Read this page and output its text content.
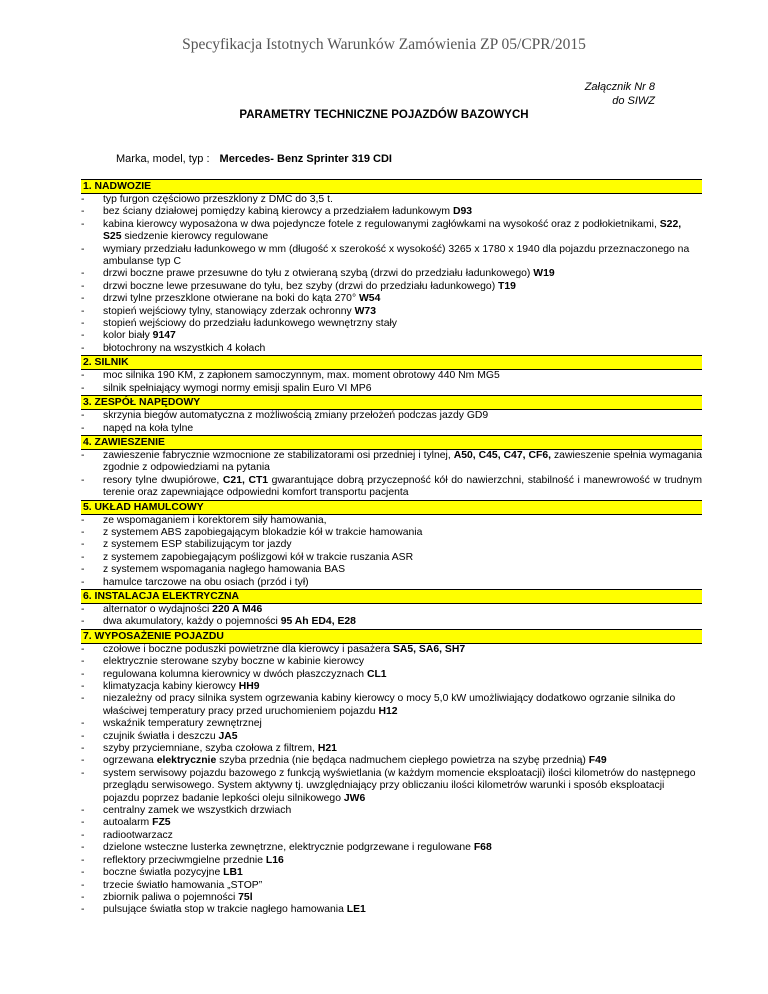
Specyfikacja Istotnych Warunków Zamówienia ZP 05/CPR/2015
Załącznik Nr 8
do SIWZ
PARAMETRY TECHNICZNE POJAZDÓW BAZOWYCH
Marka, model, typ : Mercedes- Benz Sprinter 319 CDI
1. NADWOZIE
-	typ furgon częściowo przeszklony z DMC do 3,5 t.
-	bez ściany działowej pomiędzy kabiną kierowcy a przedziałem ładunkowym D93
-	kabina kierowcy wyposażona w dwa pojedyncze fotele z regulowanymi zagłówkami na wysokość oraz z podłokietnikami, S22, S25 siedzenie kierowcy regulowane
-	wymiary przedziału ładunkowego w mm (długość x szerokość x wysokość) 3265 x 1780 x 1940 dla pojazdu przeznaczonego na ambulanse typ C
-	drzwi boczne prawe przesuwne do tyłu z otwieraną szybą (drzwi do przedziału ładunkowego) W19
-	drzwi boczne lewe przesuwane do tyłu, bez szyby (drzwi do przedziału ładunkowego) T19
-	drzwi tylne przeszklone otwierane na boki do kąta 270° W54
-	stopień wejściowy tylny, stanowiący zderzak ochronny W73
-	stopień wejściowy do przedziału ładunkowego wewnętrzny stały
-	kolor biały 9147
-	błotochrony na wszystkich 4 kołach
2. SILNIK
-	moc silnika 190 KM, z zapłonem samoczynnym, max. moment obrotowy 440 Nm MG5
-	silnik spełniający wymogi normy emisji spalin Euro VI MP6
3. ZESPÓŁ NAPĘDOWY
-	skrzynia biegów automatyczna z możliwością zmiany przełożeń podczas jazdy GD9
-	napęd na koła tylne
4. ZAWIESZENIE
-	zawieszenie fabrycznie wzmocnione ze stabilizatorami osi przedniej i tylnej, A50, C45, C47, CF6, zawieszenie spełnia wymagania zgodnie z odpowiedziami na pytania
-	resory tylne dwupiórowe, C21, CT1 gwarantujące dobrą przyczepność kół do nawierzchni, stabilność i manewrowość w trudnym terenie oraz zapewniające odpowiedni komfort transportu pacjenta
5. UKŁAD HAMULCOWY
-	ze wspomaganiem i korektorem siły hamowania,
-	z systemem ABS zapobiegającym blokadzie kół w trakcie hamowania
-	z systemem ESP stabilizującym tor jazdy
-	z systemem zapobiegającym poślizgowi kół w trakcie ruszania ASR
-	z systemem wspomagania nagłego hamowania BAS
-	hamulce tarczowe na obu osiach (przód i tył)
6. INSTALACJA ELEKTRYCZNA
-	alternator o wydajności 220 A M46
-	dwa akumulatory, każdy o pojemności 95 Ah ED4, E28
7. WYPOSAŻENIE POJAZDU
-	czołowe i boczne poduszki powietrzne dla kierowcy i pasażera SA5, SA6, SH7
-	elektrycznie sterowane szyby boczne w kabinie kierowcy
-	regulowana kolumna kierownicy w dwóch płaszczyznach CL1
-	klimatyzacja kabiny kierowcy HH9
-	niezależny od pracy silnika system ogrzewania kabiny kierowcy o mocy 5,0 kW umożliwiający dodatkowo ogrzanie silnika do właściwej temperatury pracy przed uruchomieniem pojazdu H12
-	wskaźnik temperatury zewnętrznej
-	czujnik światła i deszczu JA5
-	szyby przyciemniane, szyba czołowa z filtrem, H21
-	ogrzewana elektrycznie szyba przednia (nie będąca nadmuchem ciepłego powietrza na szybę przednią) F49
-	system serwisowy pojazdu bazowego z funkcją wyświetlania (w każdym momencie eksploatacji) ilości kilometrów do następnego przeglądu serwisowego. System aktywny tj. uwzględniający przy obliczaniu ilości kilometrów warunki i sposób eksploatacji pojazdu poprzez badanie lepkości oleju silnikowego JW6
-	centralny zamek we wszystkich drzwiach
-	autoalarm FZ5
-	radiootwarzacz
-	dzielone wsteczne lusterka zewnętrzne, elektrycznie podgrzewane i regulowane F68
-	reflektory przeciwmgielne przednie L16
-	boczne światła pozycyjne LB1
-	trzecie światło hamowania „STOP”
-	zbiornik paliwa o pojemności 75l
-	pulsujące światła stop w trakcie nagłego hamowania LE1
